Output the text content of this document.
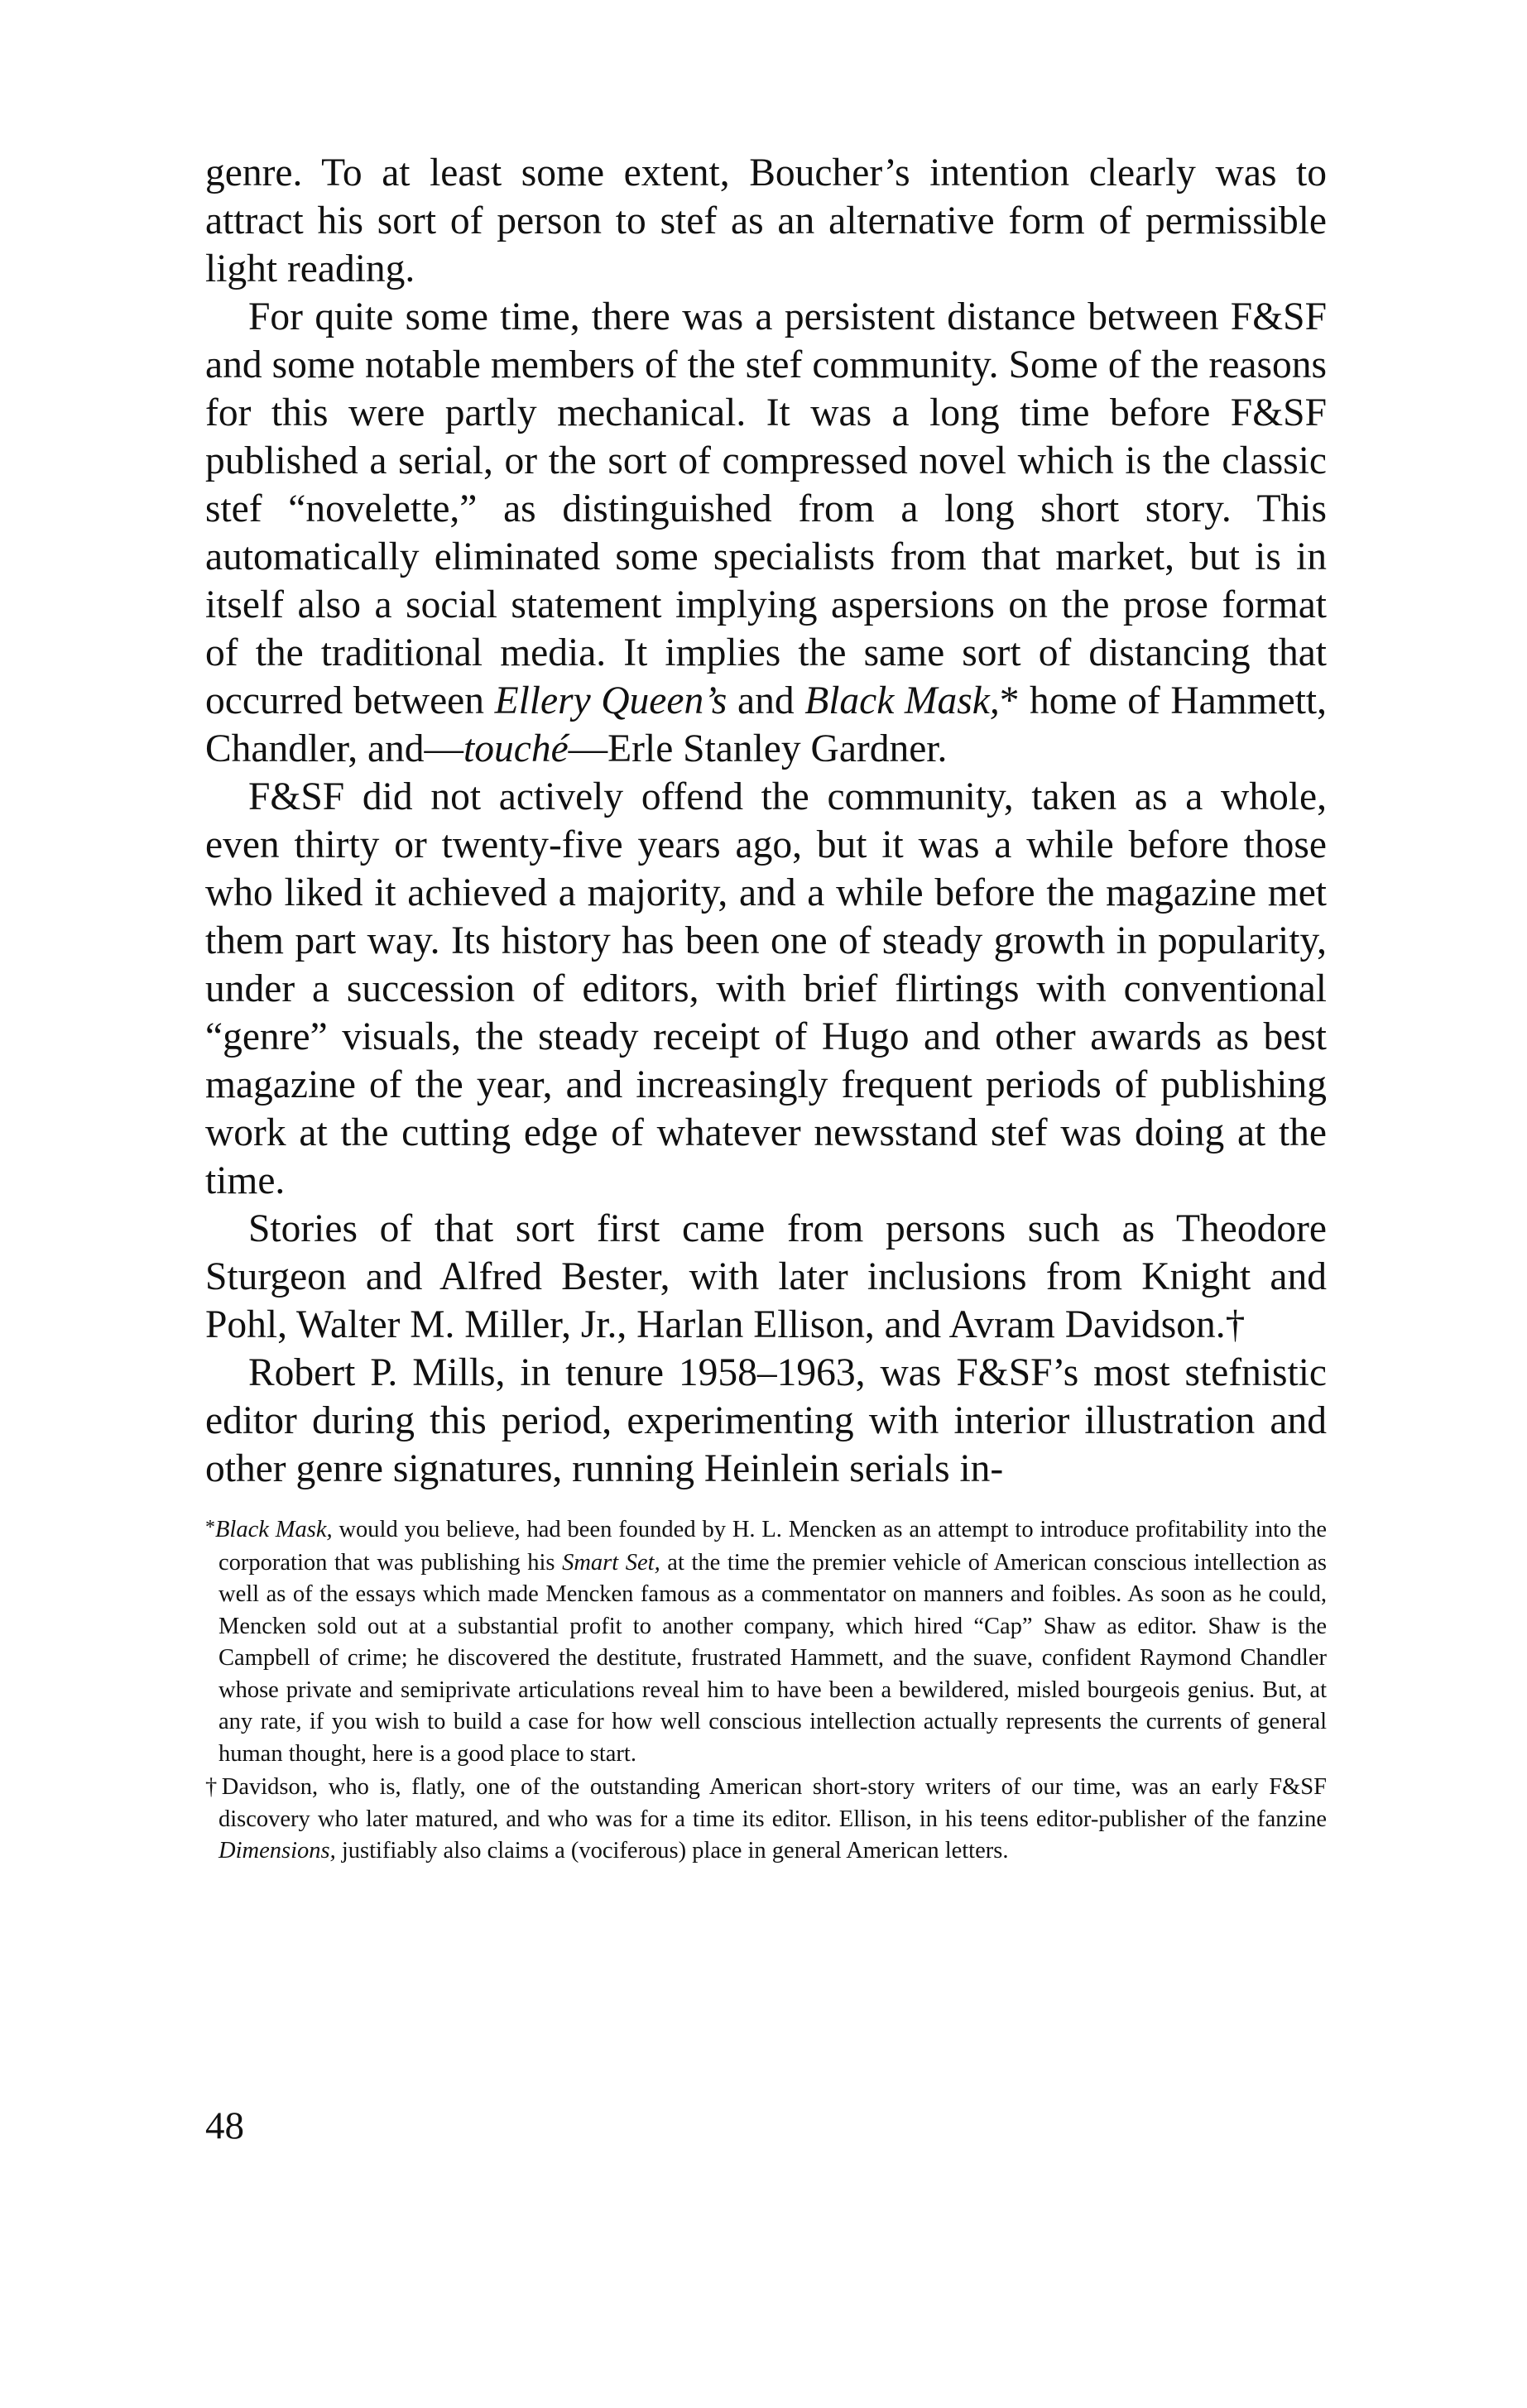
genre. To at least some extent, Boucher’s intention clearly was to attract his sort of person to stef as an alternative form of permissible light reading.

For quite some time, there was a persistent distance between F&SF and some notable members of the stef community. Some of the reasons for this were partly mechanical. It was a long time before F&SF published a serial, or the sort of compressed novel which is the classic stef “novelette,” as distinguished from a long short story. This automatically eliminated some specialists from that market, but is in itself also a social statement implying aspersions on the prose format of the traditional media. It implies the same sort of distancing that occurred between Ellery Queen’s and Black Mask,* home of Hammett, Chandler, and—touché—Erle Stanley Gardner.

F&SF did not actively offend the community, taken as a whole, even thirty or twenty-five years ago, but it was a while before those who liked it achieved a majority, and a while before the magazine met them part way. Its history has been one of steady growth in popularity, under a succession of editors, with brief flirtings with conventional “genre” visuals, the steady receipt of Hugo and other awards as best magazine of the year, and increasingly frequent periods of publishing work at the cutting edge of whatever newsstand stef was doing at the time.

Stories of that sort first came from persons such as Theodore Sturgeon and Alfred Bester, with later inclusions from Knight and Pohl, Walter M. Miller, Jr., Harlan Ellison, and Avram Davidson.†

Robert P. Mills, in tenure 1958–1963, was F&SF’s most stefnistic editor during this period, experimenting with interior illustration and other genre signatures, running Heinlein serials in-

*Black Mask, would you believe, had been founded by H. L. Mencken as an attempt to introduce profitability into the corporation that was publishing his Smart Set, at the time the premier vehicle of American conscious intellection as well as of the essays which made Mencken famous as a commentator on manners and foibles. As soon as he could, Mencken sold out at a substantial profit to another company, which hired “Cap” Shaw as editor. Shaw is the Campbell of crime; he discovered the destitute, frustrated Hammett, and the suave, confident Raymond Chandler whose private and semiprivate articulations reveal him to have been a bewildered, misled bourgeois genius. But, at any rate, if you wish to build a case for how well conscious intellection actually represents the currents of general human thought, here is a good place to start.

†Davidson, who is, flatly, one of the outstanding American short-story writers of our time, was an early F&SF discovery who later matured, and who was for a time its editor. Ellison, in his teens editor-publisher of the fanzine Dimensions, justifiably also claims a (vociferous) place in general American letters.

48
